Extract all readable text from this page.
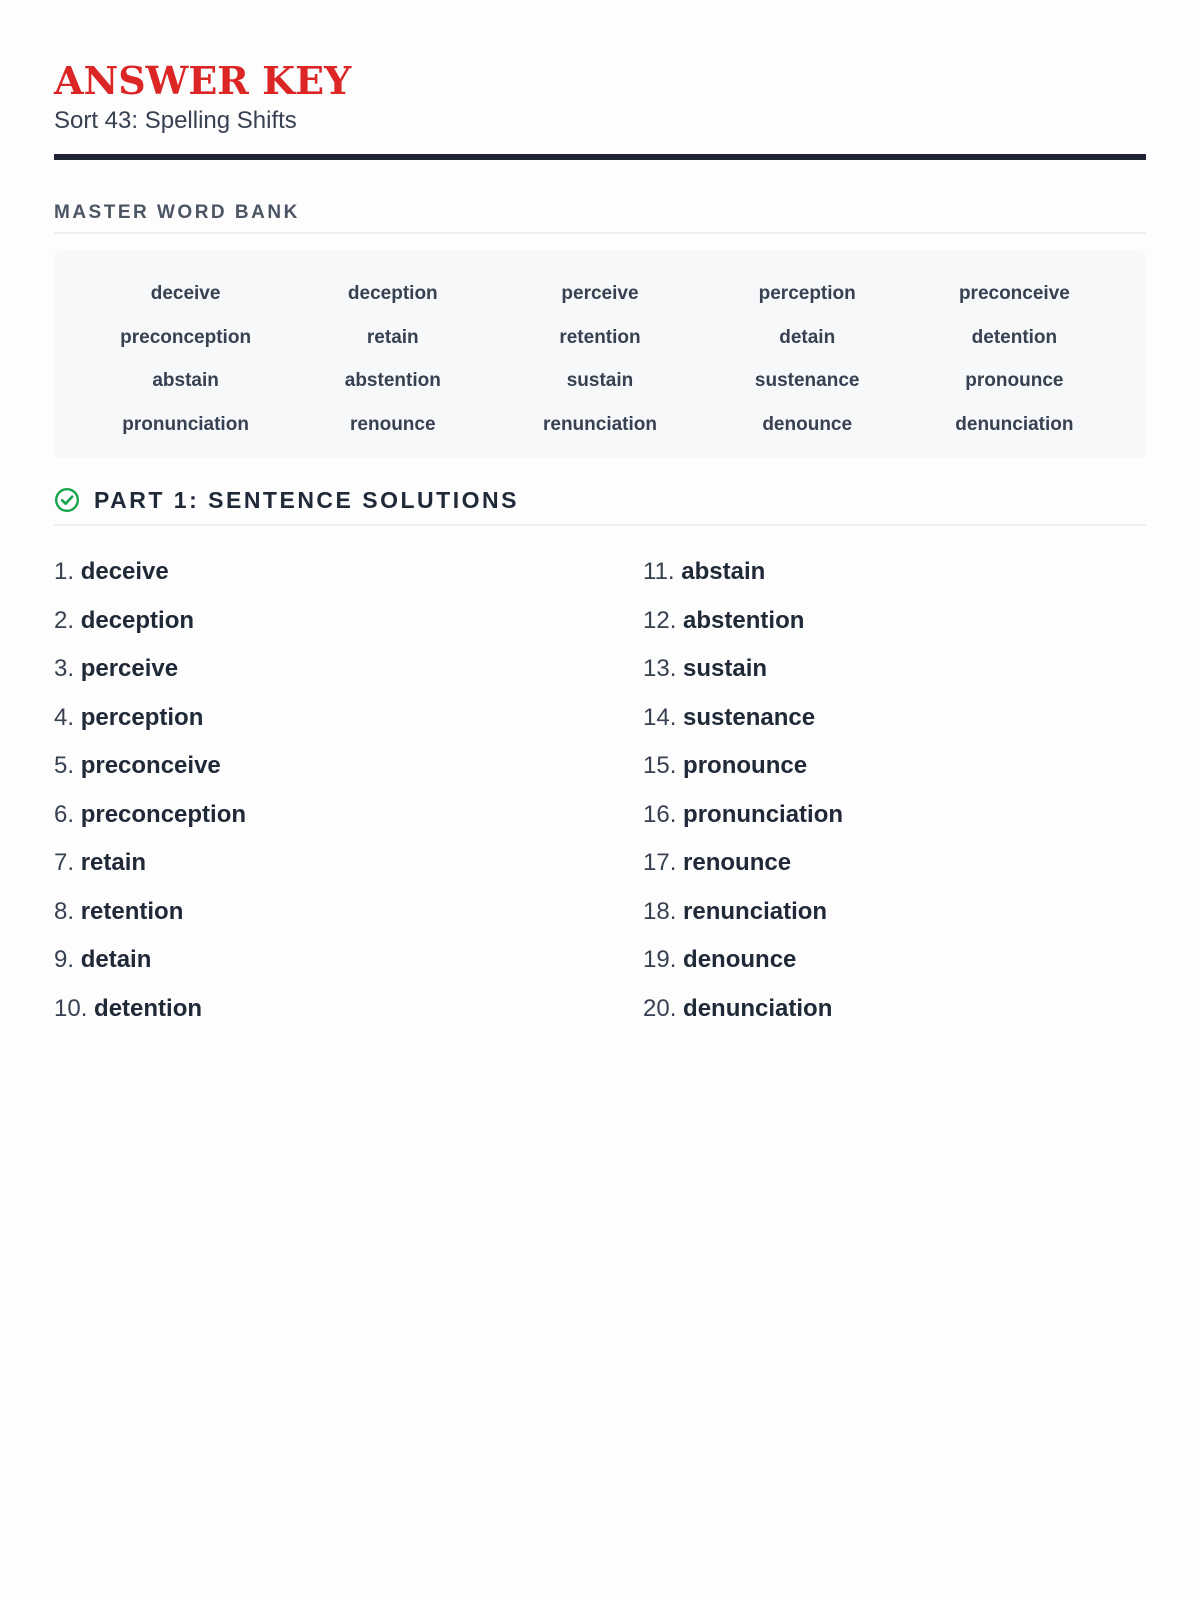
ANSWER KEY
Sort 43: Spelling Shifts
MASTER WORD BANK
deceive	deception	perceive	perception	preconceive
preconception	retain	retention	detain	detention
abstain	abstention	sustain	sustenance	pronounce
pronunciation	renounce	renunciation	denounce	denunciation
PART 1: SENTENCE SOLUTIONS
1. deceive
2. deception
3. perceive
4. perception
5. preconceive
6. preconception
7. retain
8. retention
9. detain
10. detention
11. abstain
12. abstention
13. sustain
14. sustenance
15. pronounce
16. pronunciation
17. renounce
18. renunciation
19. denounce
20. denunciation
